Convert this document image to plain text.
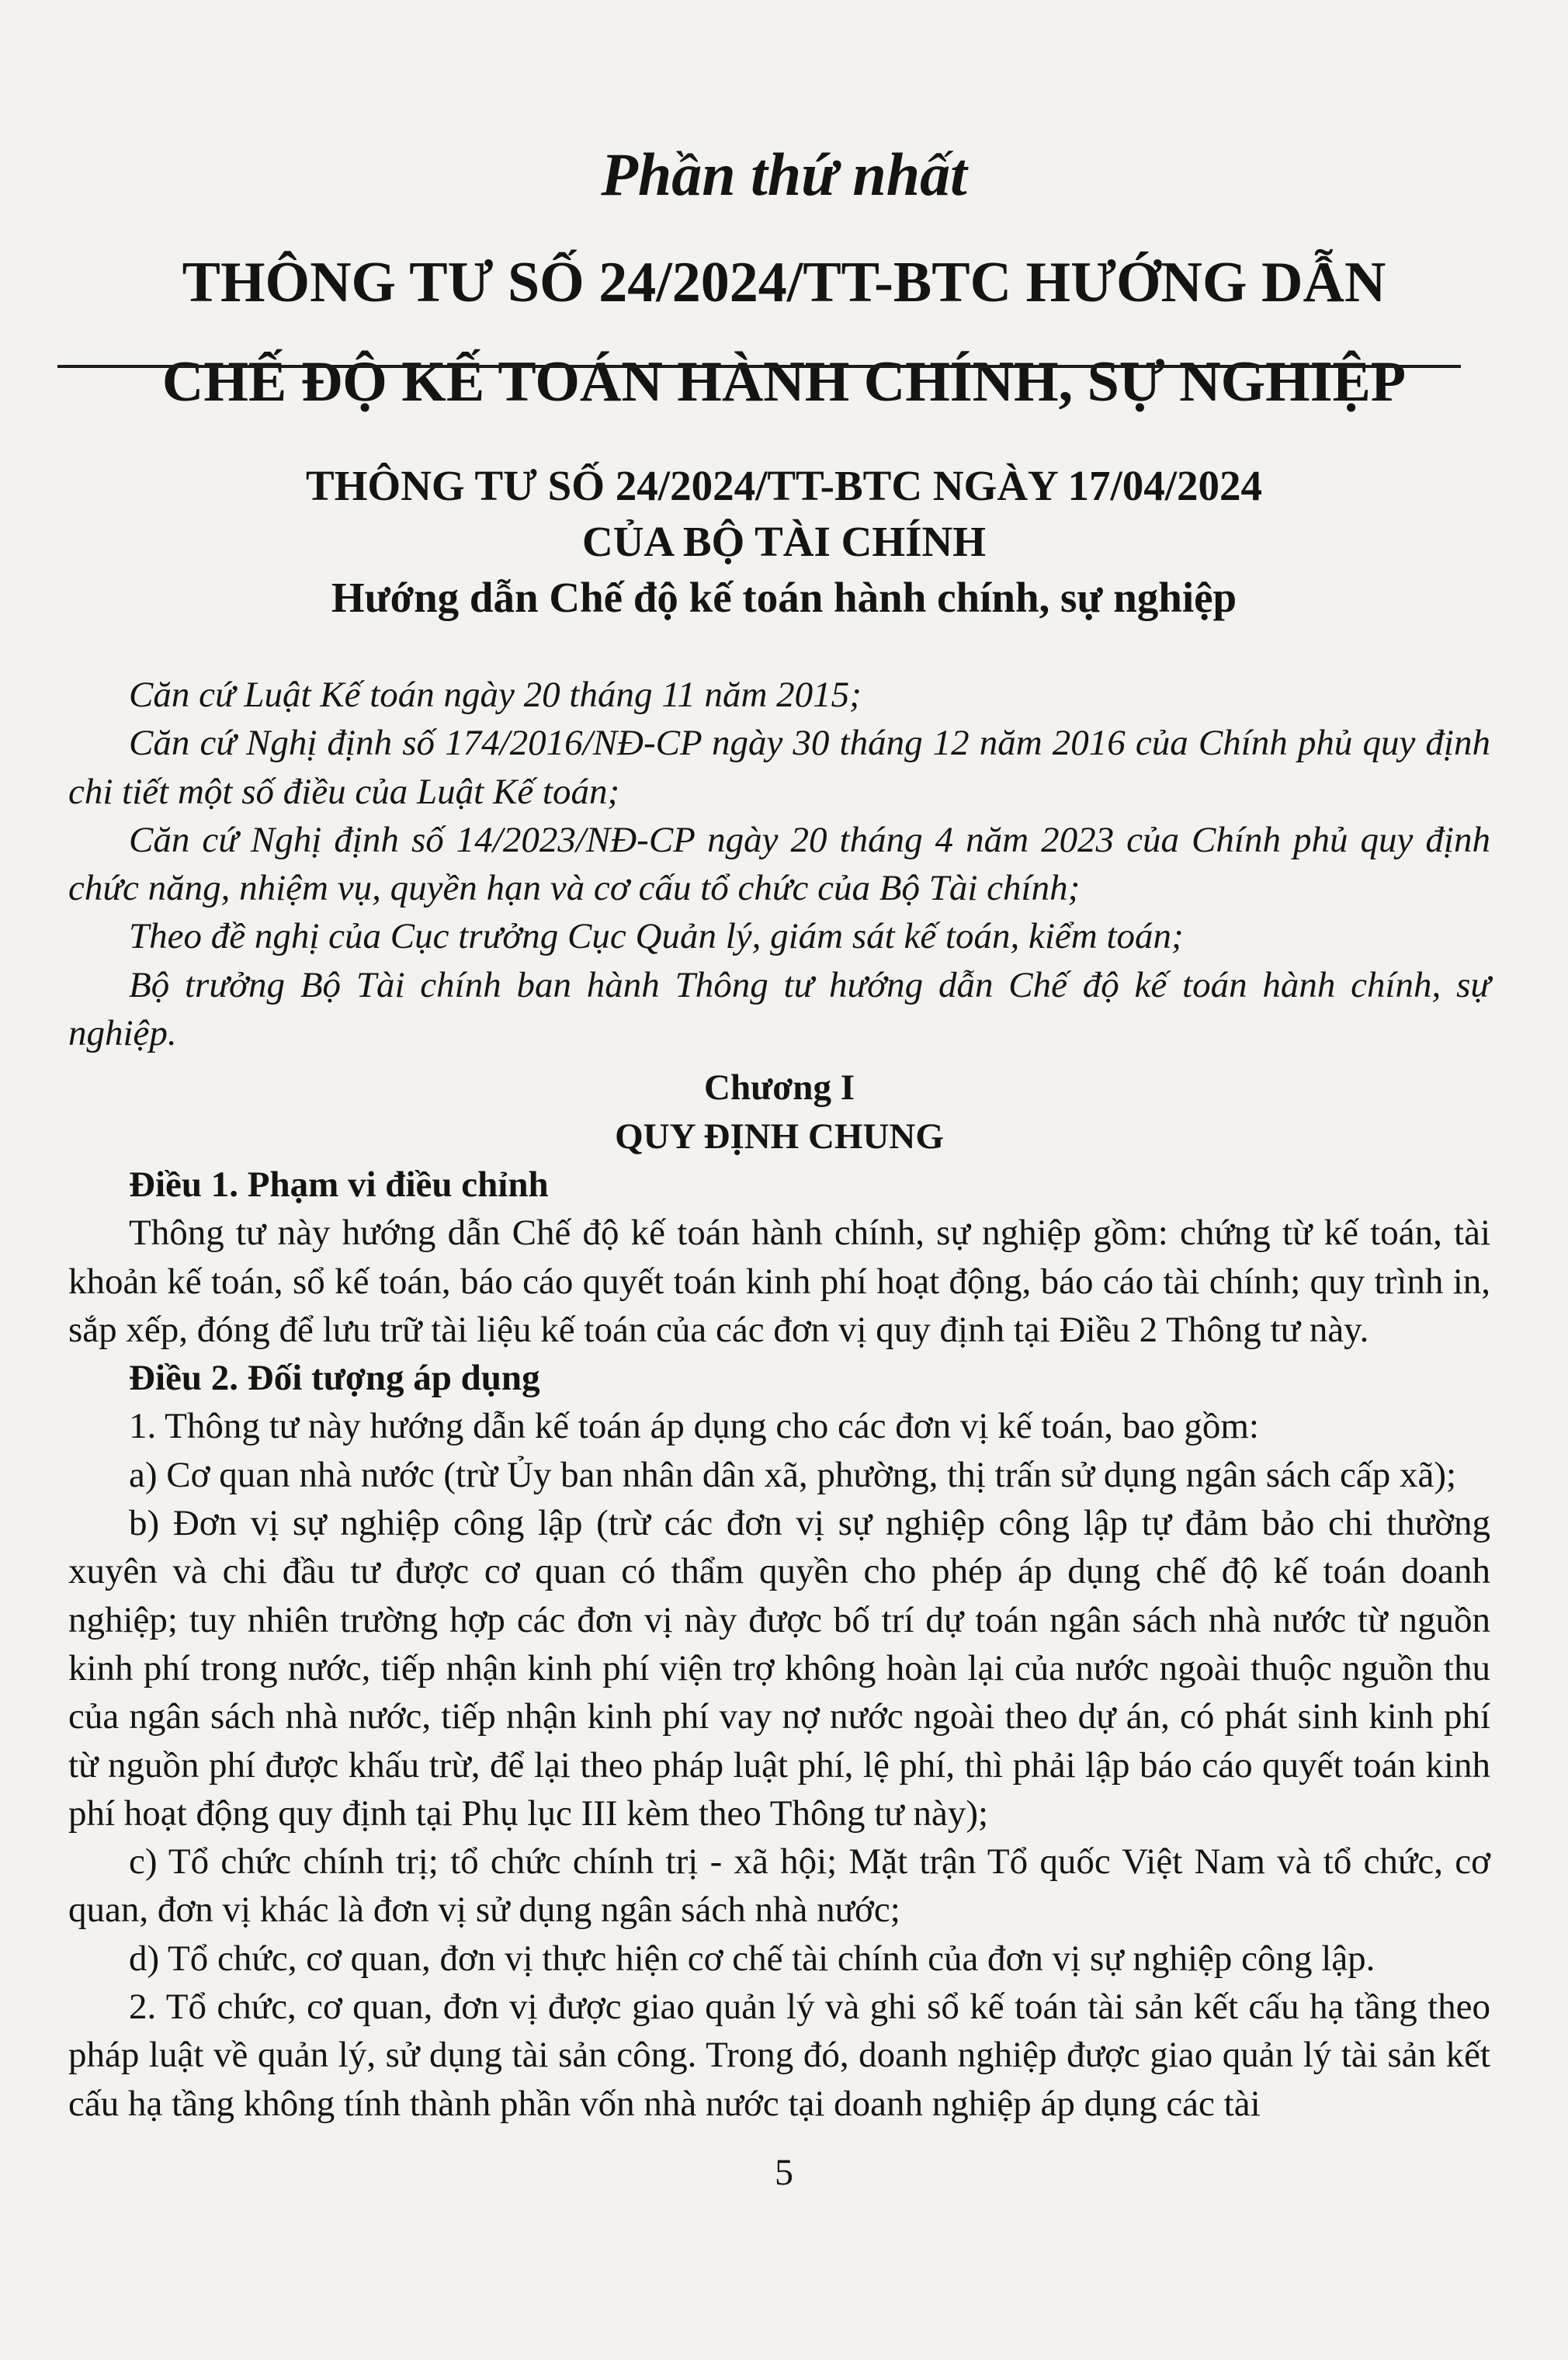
Phần thứ nhất
THÔNG TƯ SỐ 24/2024/TT-BTC HƯỚNG DẪN
CHẾ ĐỘ KẾ TOÁN HÀNH CHÍNH, SỰ NGHIỆP
THÔNG TƯ SỐ 24/2024/TT-BTC NGÀY 17/04/2024
CỦA BỘ TÀI CHÍNH
Hướng dẫn Chế độ kế toán hành chính, sự nghiệp

Căn cứ Luật Kế toán ngày 20 tháng 11 năm 2015;

Căn cứ Nghị định số 174/2016/NĐ-CP ngày 30 tháng 12 năm 2016 của Chính phủ quy định chi tiết một số điều của Luật Kế toán;

Căn cứ Nghị định số 14/2023/NĐ-CP ngày 20 tháng 4 năm 2023 của Chính phủ quy định chức năng, nhiệm vụ, quyền hạn và cơ cấu tổ chức của Bộ Tài chính;

Theo đề nghị của Cục trưởng Cục Quản lý, giám sát kế toán, kiểm toán;

Bộ trưởng Bộ Tài chính ban hành Thông tư hướng dẫn Chế độ kế toán hành chính, sự nghiệp.

Chương I

QUY ĐỊNH CHUNG

Điều 1. Phạm vi điều chỉnh

Thông tư này hướng dẫn Chế độ kế toán hành chính, sự nghiệp gồm: chứng từ kế toán, tài khoản kế toán, sổ kế toán, báo cáo quyết toán kinh phí hoạt động, báo cáo tài chính; quy trình in, sắp xếp, đóng để lưu trữ tài liệu kế toán của các đơn vị quy định tại Điều 2 Thông tư này.

Điều 2. Đối tượng áp dụng

1. Thông tư này hướng dẫn kế toán áp dụng cho các đơn vị kế toán, bao gồm:

a) Cơ quan nhà nước (trừ Ủy ban nhân dân xã, phường, thị trấn sử dụng ngân sách cấp xã);

b) Đơn vị sự nghiệp công lập (trừ các đơn vị sự nghiệp công lập tự đảm bảo chi thường xuyên và chi đầu tư được cơ quan có thẩm quyền cho phép áp dụng chế độ kế toán doanh nghiệp; tuy nhiên trường hợp các đơn vị này được bố trí dự toán ngân sách nhà nước từ nguồn kinh phí trong nước, tiếp nhận kinh phí viện trợ không hoàn lại của nước ngoài thuộc nguồn thu của ngân sách nhà nước, tiếp nhận kinh phí vay nợ nước ngoài theo dự án, có phát sinh kinh phí từ nguồn phí được khấu trừ, để lại theo pháp luật phí, lệ phí, thì phải lập báo cáo quyết toán kinh phí hoạt động quy định tại Phụ lục III kèm theo Thông tư này);

c) Tổ chức chính trị; tổ chức chính trị - xã hội; Mặt trận Tổ quốc Việt Nam và tổ chức, cơ quan, đơn vị khác là đơn vị sử dụng ngân sách nhà nước;

d) Tổ chức, cơ quan, đơn vị thực hiện cơ chế tài chính của đơn vị sự nghiệp công lập.

2. Tổ chức, cơ quan, đơn vị được giao quản lý và ghi sổ kế toán tài sản kết cấu hạ tầng theo pháp luật về quản lý, sử dụng tài sản công. Trong đó, doanh nghiệp được giao quản lý tài sản kết cấu hạ tầng không tính thành phần vốn nhà nước tại doanh nghiệp áp dụng các tài

5
